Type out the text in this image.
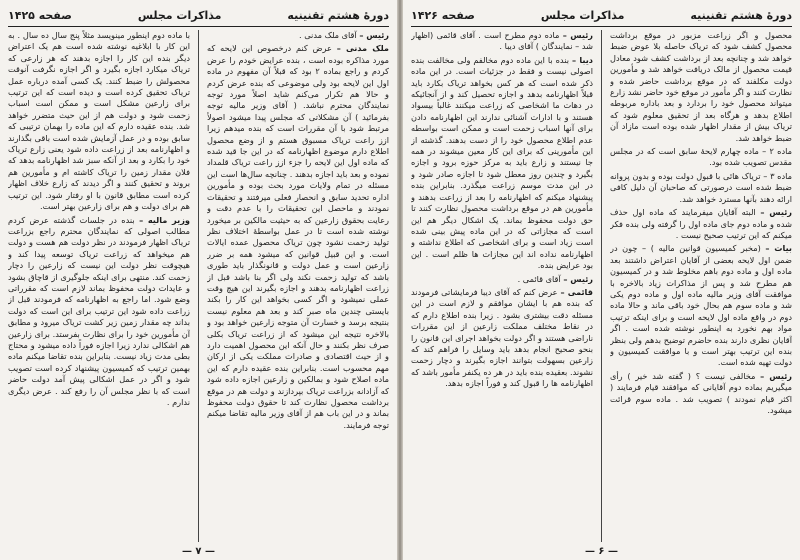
دورهٔ هشتم تقنینیه
مذاکرات مجلس
صفحه ۱۴۲۵

رئیس – آقای ملک مدنی .

ملک مدنی – عرض کنم درخصوص این لایحه که مورد مذاکره بوده است ، بنده عرایض خودم را عرض کردم و راجع بماده ۲ بود که قبلاً آن مفهوم در ماده اول این لایحه بود ولی موضوعی که بنده عرض کردم و حالا هم تکرار می‌کنم شاید اصلاً مورد توجه نمایندگان محترم نباشد. ( آقای وزیر مالیه توجه بفرمائید ) آن مشکلاتی که مجلس پیدا میشود اصولاً مرتبط شود با آن مقررات است که بنده میدهم زیرا ازز راعت تریاک مسبوق هستم و از وضع محصول اطلاع دارم موضوع اظهارنامه که در این جا قید شده که ماده اول این لایحه را جزء ازز راعت تریاک قلمداد نموده و بعد باید اجازه بدهند . چنانچه سال‌ها است این مسئله در تمام ولایات مورد بحث بوده و مأمورین اداره تحدید سابق و انحصار فعلی میرفتند و تحقیقات نمودند و ماحصل این تحقیقات را با عدم دقت و رعایت بحقوق زارعین که به حیثیت مالکین بر میخورد نوشته شده است تا در عمل بواسطهٔ اختلاف نظر تولید زحمت نشود چون تریاک محصول عمده ایالات است. و این قبیل قوانین که میشود همه بر ضرر زارعین است و عمل دولت و قانونگذار باید طوری باشد که تولید زحمت نکند ولی اگر بنا باشد قبل از زراعت اظهارنامه بدهند و اجازه بگیرند این هیچ وقت عملی نمیشود و اگر کسی بخواهد این کار را بکند بایستی چندین ماه صبر کند و بعد هم معلوم نیست بنتیجه برسد و خسارت آن متوجه زارعین خواهد بود و بالاخره نتیجه این میشود که از زراعت تریاک بکلی صرف نظر بکنند و حال آنکه این محصول اهمیت دارد و از حیث اقتصادی و صادرات مملکت یکی از ارکان مهم محسوب است. بنابراین بنده عقیده دارم که این ماده اصلاح شود و بمالکین و زارعین اجازه داده شود که آزادانه بزراعت تریاک بپردازند و دولت هم در موقع برداشت محصول نظارت کند تا حقوق دولت محفوظ بماند و در این باب هم از آقای وزیر مالیه تقاضا میکنم توجه فرمایند.

با ماده دوم اینطور مینویسد مثلاً پنج سال ده سال . به این کار با ابلاغیه نوشته شده است هم یک اعتراض دیگر بنده این کار را اجازه بدهند که هر زارعی که تریاک میکارد اجازه بگیرد و اگر اجازه نگرفت آنوقت محصولش را ضبط کنند. یک کسی آمده درباره عمل تریاک تحقیق کرده است و دیده است که این ترتیب برای زارعین مشکل است و ممکن است اسباب زحمت شود و دولت هم از این حیث متضرر خواهد شد. بنده عقیده دارم که این ماده را بهمان ترتیبی که سابق بوده و در عمل آزمایش شده است باقی بگذارند و اظهارنامه بعد از زراعت داده شود یعنی زارع تریاک خود را بکارد و بعد از آنکه سبز شد اظهارنامه بدهد که فلان مقدار زمین را تریاک کاشته ام و مأمورین هم بروند و تحقیق کنند و اگر دیدند که زارع خلاف اظهار کرده است مطابق قانون با او رفتار شود. این ترتیب هم برای دولت و هم برای زارعین بهتر است.

وزیر مالیه – بنده در جلسات گذشته عرض کردم مطالب اصولی که نمایندگان محترم راجع بزراعت تریاک اظهار فرمودند در نظر دولت هم هست و دولت هم میخواهد که زراعت تریاک توسعه پیدا کند و هیچوقت نظر دولت این نیست که زارعین را دچار زحمت کند. منتهی برای اینکه جلوگیری از قاچاق بشود و عایدات دولت محفوظ بماند لازم است که مقرراتی وضع شود. اما راجع به اظهارنامه که فرمودند قبل از زراعت داده شود این ترتیب برای این است که دولت بداند چه مقدار زمین زیر کشت تریاک میرود و مطابق آن مأمورین خود را برای نظارت بفرستد. برای زارعین هم اشکالی ندارد زیرا اجازه فوراً داده میشود و محتاج بطی مدت زیاد نیست. بنابراین بنده تقاضا میکنم ماده بهمین ترتیب که کمیسیون پیشنهاد کرده است تصویب شود و اگر در عمل اشکالی پیش آمد دولت حاضر است که با نظر مجلس آن را رفع کند . عرض دیگری ندارم .

— ۷ —
دورهٔ هشتم تقنینیه
مذاکرات مجلس
صفحه ۱۴۲۶

محصول و اگر زراعت مزبور در موقع برداشت محصول کشف شود که تریاک حاصله بلا عوض ضبط خواهد شد و چنانچه بعد از برداشت کشف شود معادل قیمت محصول از مالک دریافت خواهد شد و مأمورین دولت مکلفند که در موقع برداشت حاضر شده و نظارت کنند و اگر مأمور در موقع خود حاضر نشد زارع میتواند محصول خود را بردارد و بعد باداره مربوطه اطلاع بدهد و هرگاه بعد از تحقیق معلوم شود که تریاک بیش از مقدار اظهار شده بوده است مازاد آن ضبط خواهد شد.

ماده ۲ – ماده چهارم لایحهٔ سابق است که در مجلس مقدس تصویب شده بود.

ماده ۳ – تریاک هائی با قبول دولت بوده و بدون پروانه ضبط شده است درصورتی که صاحبان آن دلیل کافی ارائه دهند بآنها مسترد خواهد شد.

رئیس – البته آقایان میفرمایند که ماده اول حذف شده و ماده دوم جای ماده اول را گرفته ولی بنده فکر میکنم که این ترتیب صحیح نیست .

بیات – (مخبر کمیسیون قوانین مالیه ) – چون در ضمن اول لایحه بعضی از آقایان اعتراض داشتند بعد ماده اول و ماده دوم باهم مخلوط شد و در کمیسیون هم مطرح شد و پس از مذاکرات زیاد بالاخره با موافقت آقای وزیر مالیه ماده اول و ماده دوم یکی شد و ماده سوم هم بحال خود باقی ماند و حالا ماده دوم در واقع ماده اول لایحه است و برای اینکه ترتیب مواد بهم نخورد به اینطور نوشته شده است . اگر آقایان نظری دارند بنده حاضرم توضیح بدهم ولی بنظر بنده این ترتیب بهتر است و با موافقت کمیسیون و دولت تهیه شده است.

رئیس – مخالفی نیست ؟ ( گفته شد خیر ) رأی میگیریم بماده دوم آقایانی که موافقند قیام فرمایند ( اکثر قیام نمودند ) تصویب شد . ماده سوم قرائت میشود.

رئیس – ماده دوم مطرح است . آقای قائمی (اظهار شد – نمایندگان ) آقای دیبا .

دیبا – بنده با این ماده دوم مخالفم ولی مخالفت بنده اصولی نیست و فقط در جزئیات است. در این ماده ذکر شده است که هر کس بخواهد تریاک بکارد باید قبلاً اظهارنامه بدهد و اجازه تحصیل کند و از آنجائیکه در دهات ما اشخاصی که زراعت میکنند غالباً بیسواد هستند و با ادارات آشنائی ندارند این اظهارنامه دادن برای آنها اسباب زحمت است و ممکن است بواسطه عدم اطلاع محصول خود را از دست بدهند. گذشته از این مأمورینی که برای این کار معین میشوند در همه جا نیستند و زارع باید به مرکز حوزه برود و اجازه بگیرد و چندین روز معطل شود تا اجازه صادر شود و در این مدت موسم زراعت میگذرد. بنابراین بنده پیشنهاد میکنم که اظهارنامه را بعد از زراعت بدهند و مأمورین هم در موقع برداشت محصول نظارت کنند تا حق دولت محفوظ بماند. یک اشکال دیگر هم این است که مجازاتی که در این ماده پیش بینی شده است زیاد است و برای اشخاصی که اطلاع نداشته و اظهارنامه نداده اند این مجازات ها ظلم است . این بود عرایض بنده.

رئیس – آقای قائمی .

قائمی – عرض کنم که آقای دیبا فرمایشاتی فرمودند که بنده هم با ایشان موافقم و لازم است در این مسئله دقت بیشتری بشود . زیرا بنده اطلاع دارم که در نقاط مختلف مملکت زارعین از این مقررات ناراضی هستند و اگر دولت بخواهد اجرای این قانون را بنحو صحیح انجام بدهد باید وسایل را فراهم کند که زارعین بسهولت بتوانند اجازه بگیرند و دچار زحمت نشوند. بعقیده بنده باید در هر ده یکنفر مأمور باشد که اظهارنامه ها را قبول کند و فوراً اجازه بدهد.

— ۶ —
